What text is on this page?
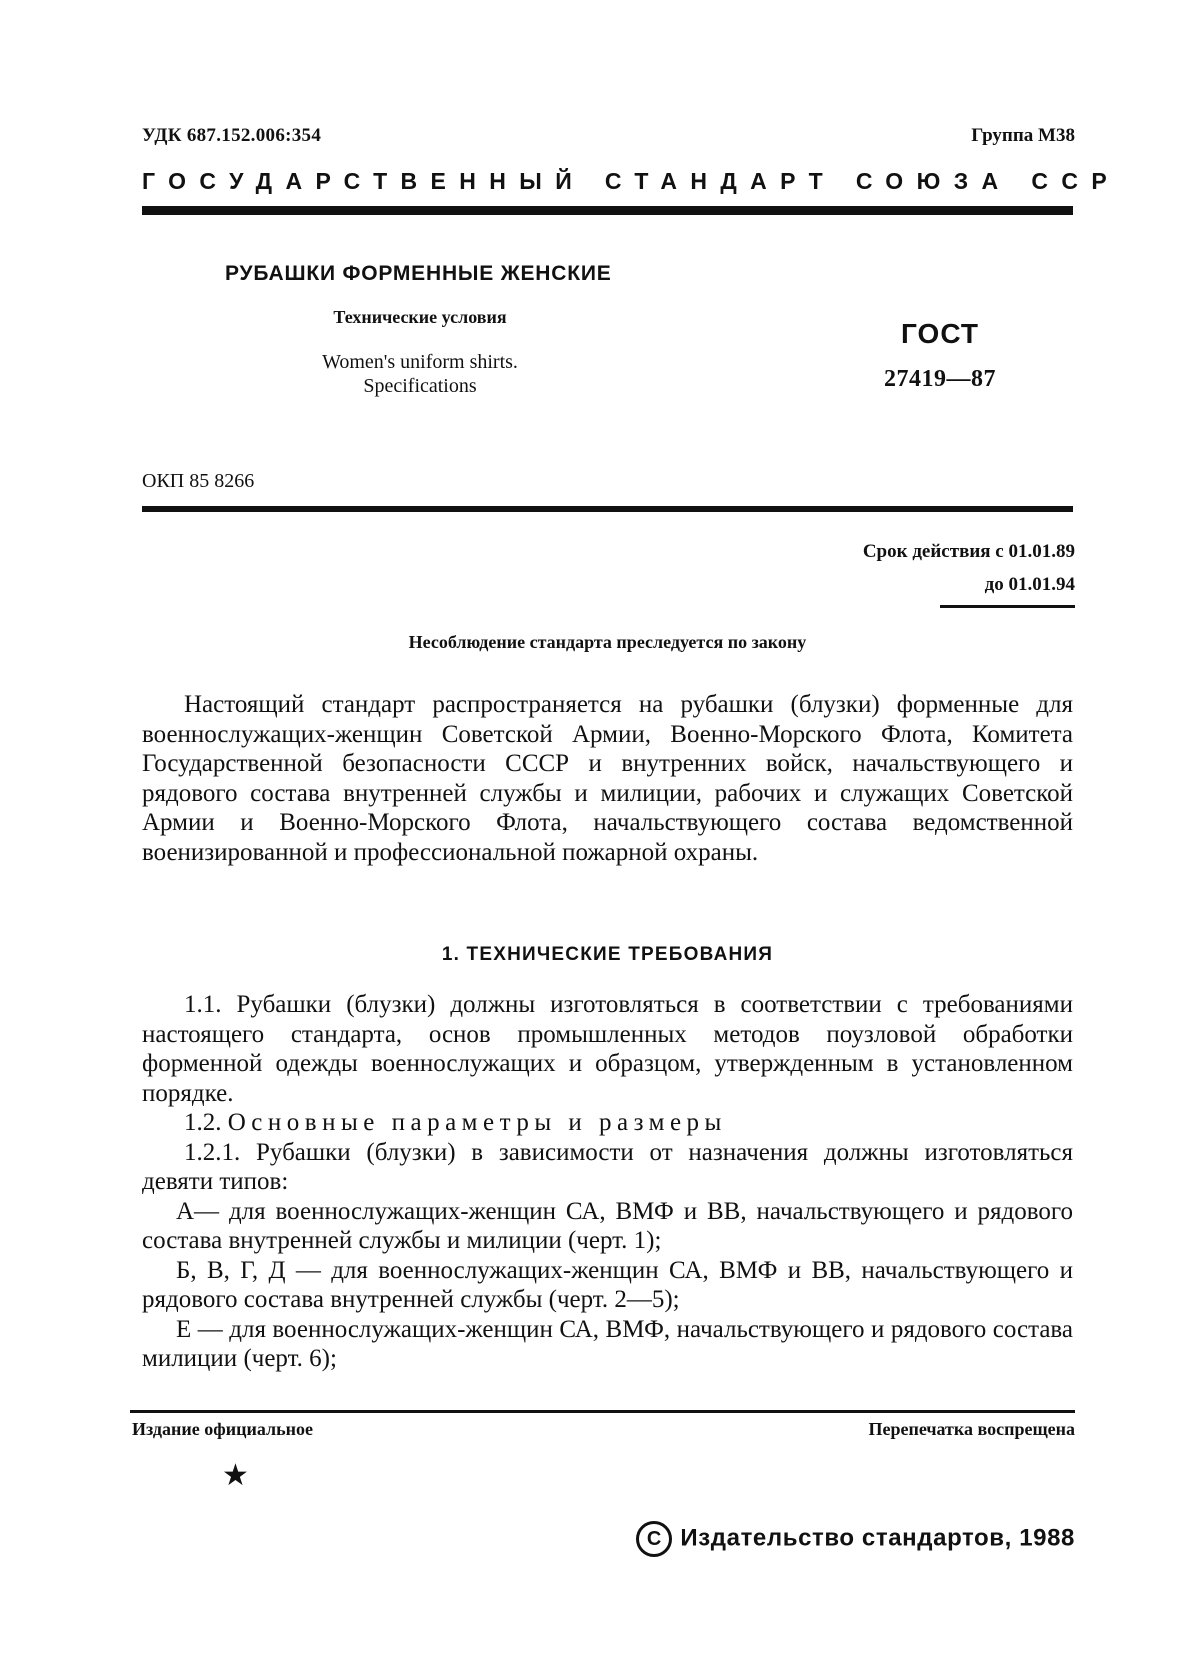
УДК 687.152.006:354	Группа М38
ГОСУДАРСТВЕННЫЙ СТАНДАРТ СОЮЗА ССР
РУБАШКИ ФОРМЕННЫЕ ЖЕНСКИЕ
Технические условия
Women's uniform shirts.
Specifications
ГОСТ
27419—87
ОКП 85 8266
Срок действия с 01.01.89
до 01.01.94
Несоблюдение стандарта преследуется по закону

Настоящий стандарт распространяется на рубашки (блузки) форменные для военнослужащих-женщин Советской Армии, Военно-Морского Флота, Комитета Государственной безопасности СССР и внутренних войск, начальствующего и рядового состава внутренней службы и милиции, рабочих и служащих Советской Армии и Военно-Морского Флота, начальствующего состава ведомственной военизированной и профессиональной пожарной охраны.

1. ТЕХНИЧЕСКИЕ ТРЕБОВАНИЯ

1.1. Рубашки (блузки) должны изготовляться в соответствии с требованиями настоящего стандарта, основ промышленных методов поузловой обработки форменной одежды военнослужащих и образцом, утвержденным в установленном порядке.

1.2. Основные параметры и размеры

1.2.1. Рубашки (блузки) в зависимости от назначения должны изготовляться девяти типов:

А— для военнослужащих-женщин СА, ВМФ и ВВ, начальствующего и рядового состава внутренней службы и милиции (черт. 1);

Б, В, Г, Д — для военнослужащих-женщин СА, ВМФ и ВВ, начальствующего и рядового состава внутренней службы (черт. 2—5);

Е — для военнослужащих-женщин СА, ВМФ, начальствующего и рядового состава милиции (черт. 6);

Издание официальное	Перепечатка воспрещена
★
C Издательство стандартов, 1988
